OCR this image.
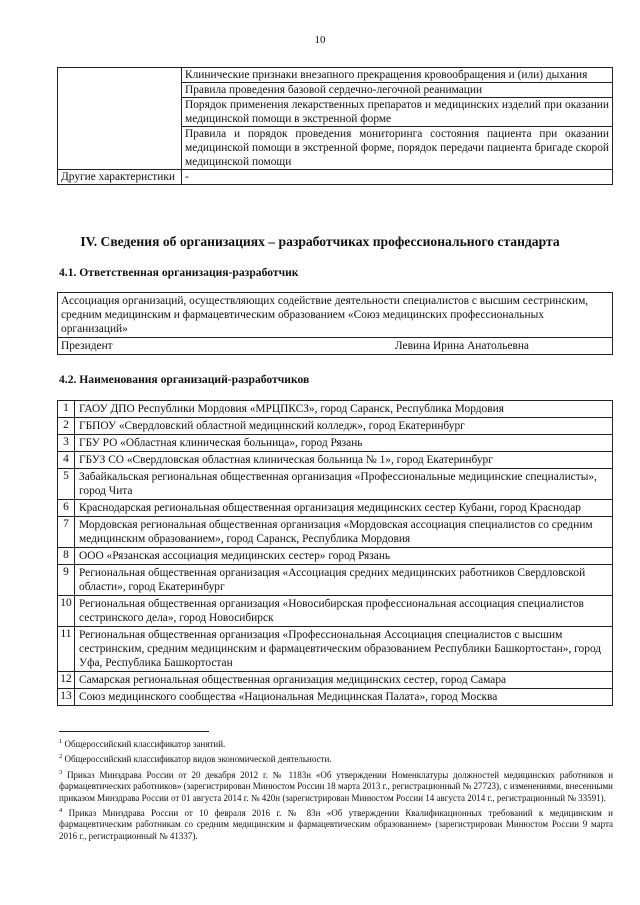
10
	Клинические признаки внезапного прекращения кровообращения и (или) дыхания
	Правила проведения базовой сердечно-легочной реанимации
	Порядок применения лекарственных препаратов и медицинских изделий при оказании медицинской помощи в экстренной форме
	Правила и порядок проведения мониторинга состояния пациента при оказании медицинской помощи в экстренной форме, порядок передачи пациента бригаде скорой медицинской помощи
Другие характеристики	-
IV. Сведения об организациях – разработчиках профессионального стандарта
4.1. Ответственная организация-разработчик
Ассоциация организаций, осуществляющих содействие деятельности специалистов с высшим сестринским, средним медицинским и фармацевтическим образованием «Союз медицинских профессиональных организаций»

Президент	Левина Ирина Анатольевна
4.2. Наименования организаций-разработчиков
1	ГАОУ ДПО Республики Мордовия «МРЦПКСЗ», город Саранск, Республика Мордовия
2	ГБПОУ «Свердловский областной медицинский колледж», город Екатеринбург
3	ГБУ РО «Областная клиническая больница», город Рязань
4	ГБУЗ СО «Свердловская областная клиническая больница № 1», город Екатеринбург
5	Забайкальская региональная общественная организация «Профессиональные медицинские специалисты», город Чита
6	Краснодарская региональная общественная организация медицинских сестер Кубани, город Краснодар
7	Мордовская региональная общественная организация «Мордовская ассоциация специалистов со средним медицинским образованием», город Саранск, Республика Мордовия
8	ООО «Рязанская ассоциация медицинских сестер» город Рязань
9	Региональная общественная организация «Ассоциация средних медицинских работников Свердловской области», город Екатеринбург
10	Региональная общественная организация «Новосибирская профессиональная ассоциация специалистов сестринского дела», город Новосибирск
11	Региональная общественная организация «Профессиональная Ассоциация специалистов с высшим сестринским, средним медицинским и фармацевтическим образованием Республики Башкортостан», город Уфа, Республика Башкортостан
12	Самарская региональная общественная организация медицинских сестер, город Самара
13	Союз медицинского сообщества «Национальная Медицинская Палата», город Москва

$^1$ Общероссийский классификатор занятий.

$^2$ Общероссийский классификатор видов экономической деятельности.

$^3$ Приказ Минздрава России от 20 декабря 2012 г. № 1183н «Об утверждении Номенклатуры должностей медицинских работников и фармацевтических работников» (зарегистрирован Минюстом России 18 марта 2013 г., регистрационный № 27723), с изменениями, внесенными приказом Минздрава России от 01 августа 2014 г. № 420н (зарегистрирован Минюстом России 14 августа 2014 г., регистрационный № 33591).

$^4$ Приказ Минздрава России от 10 февраля 2016 г. № 83н «Об утверждении Квалификационных требований к медицинским и фармацевтическим работникам со средним медицинским и фармацевтическим образованием» (зарегистрирован Минюстом России 9 марта 2016 г., регистрационный № 41337).
